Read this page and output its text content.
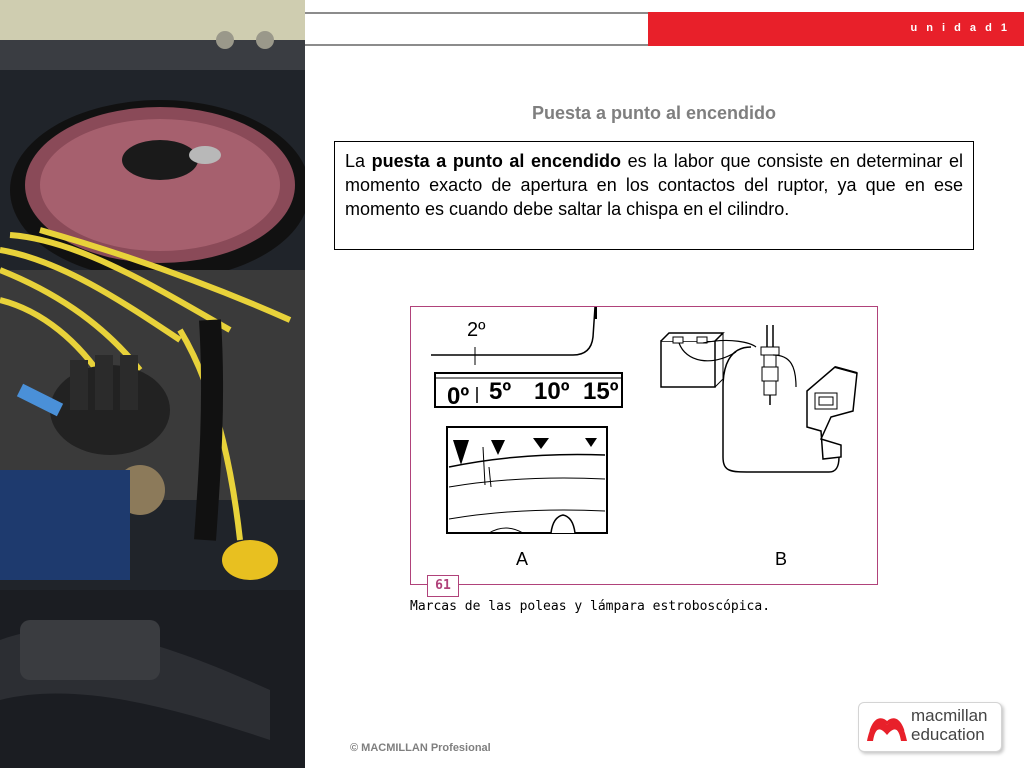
u n i d a d 1
Puesta a punto al encendido
La puesta a punto al encendido es la labor que consiste en determinar el momento exacto de apertura en los contactos del ruptor, ya que en ese momento es cuando debe saltar la chispa en el cilindro.
2º
0º 5º 10º 15º
A	B
61
Marcas de las poleas y lámpara estroboscópica.
macmillan
education
© MACMILLAN Profesional
